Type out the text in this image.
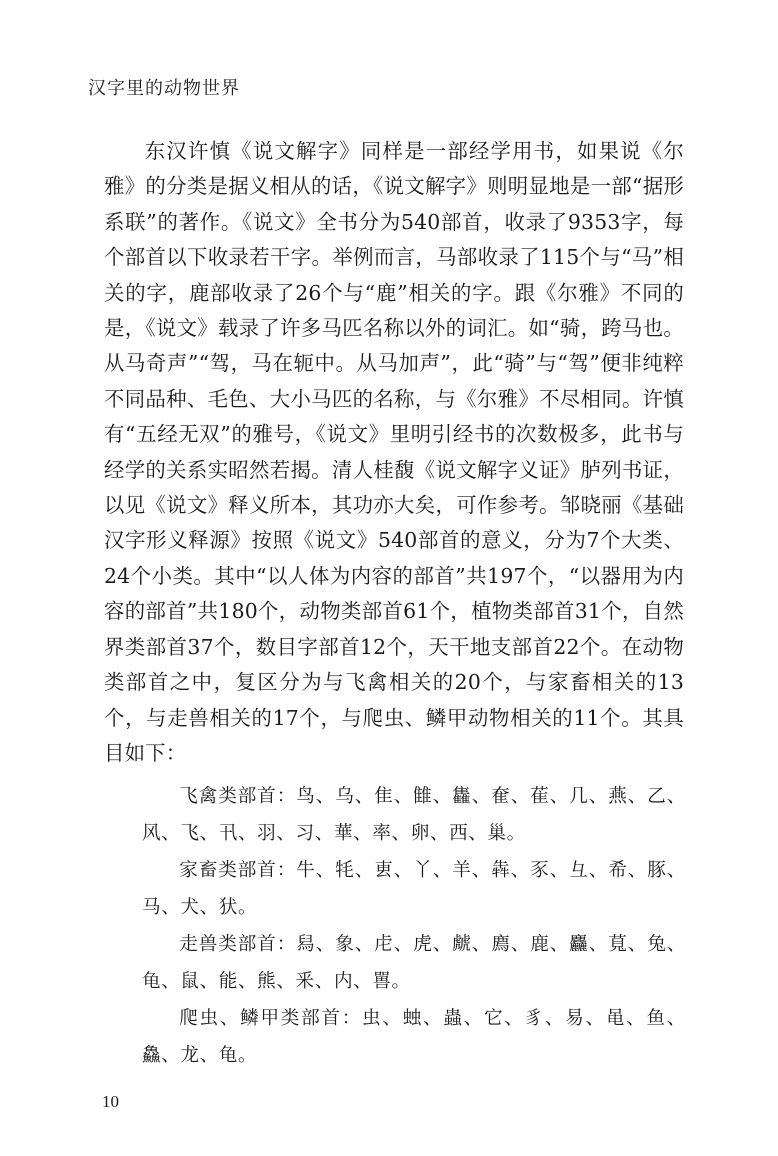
汉字里的动物世界

东汉许慎《说文解字》同样是一部经学用书，如果说《尔雅》的分类是据义相从的话，《说文解字》则明显地是一部“据形系联”的著作。《说文》全书分为540部首，收录了9353字，每个部首以下收录若干字。举例而言，马部收录了115个与“马”相关的字，鹿部收录了26个与“鹿”相关的字。跟《尔雅》不同的是，《说文》载录了许多马匹名称以外的词汇。如“骑，跨马也。从马奇声”“驾，马在轭中。从马加声”，此“骑”与“驾”便非纯粹不同品种、毛色、大小马匹的名称，与《尔雅》不尽相同。许慎有“五经无双”的雅号，《说文》里明引经书的次数极多，此书与经学的关系实昭然若揭。清人桂馥《说文解字义证》胪列书证，以见《说文》释义所本，其功亦大矣，可作参考。邹晓丽《基础汉字形义释源》按照《说文》540部首的意义，分为7个大类、24个小类。其中“以人体为内容的部首”共197个，“以器用为内容的部首”共180个，动物类部首61个，植物类部首31个，自然界类部首37个，数目字部首12个，天干地支部首22个。在动物类部首之中，复区分为与飞禽相关的20个，与家畜相关的13个，与走兽相关的17个，与爬虫、鳞甲动物相关的11个。其具目如下：

飞禽类部首：鸟、乌、隹、雔、雥、奞、萑、几、燕、乙、风、飞、卂、羽、习、華、率、卵、西、巢。

家畜类部首：牛、牦、叀、丫、羊、犇、豕、彑、希、豚、马、犬、犾。

走兽类部首：舄、象、虍、虎、虤、廌、鹿、麤、萈、兔、龟、鼠、能、熊、釆、内、嘼。

爬虫、鳞甲类部首：虫、䖵、蟲、它、豸、易、黾、鱼、鱻、龙、龟。

10
